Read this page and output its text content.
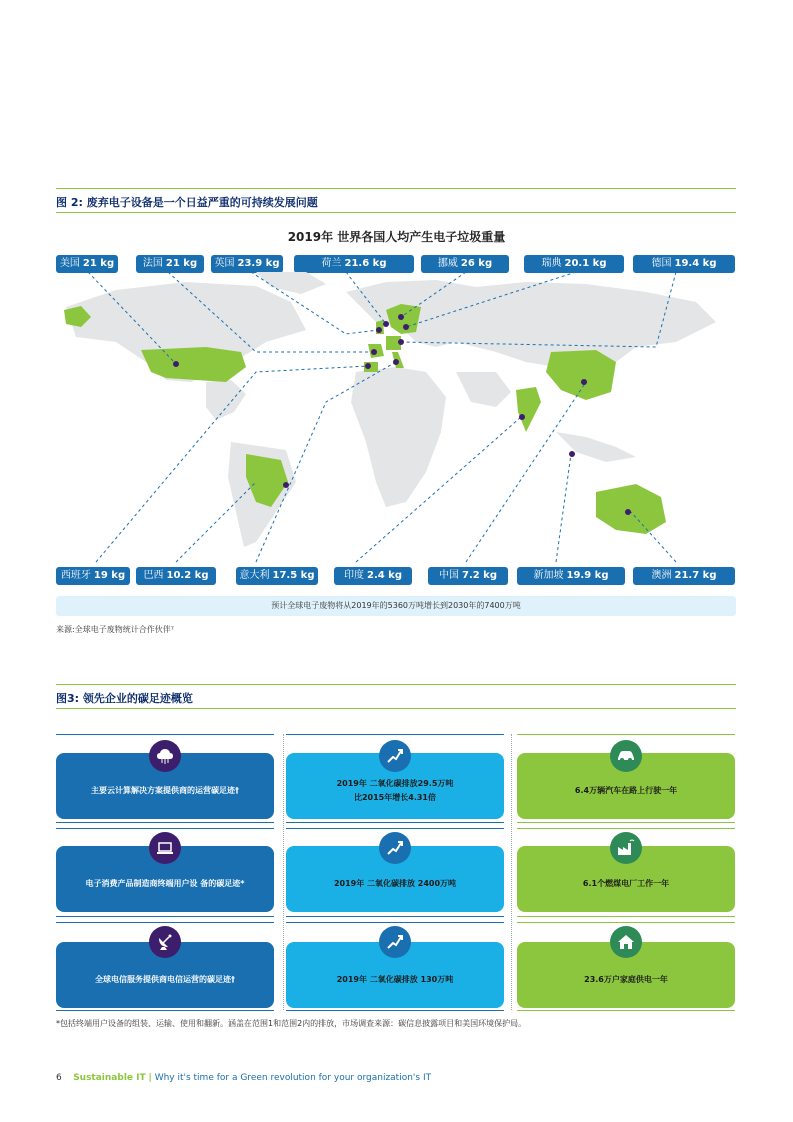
图 2: 废弃电子设备是一个日益严重的可持续发展问题
2019年 世界各国人均产生电子垃圾重量
美国 21 kg	法国 21 kg	英国 23.9 kg	荷兰 21.6 kg	挪威 26 kg	瑞典 20.1 kg	德国 19.4 kg
西班牙 19 kg	巴西 10.2 kg	意大利 17.5 kg	印度 2.4 kg	中国 7.2 kg	新加坡 19.9 kg	澳洲 21.7 kg
预计全球电子废物将从2019年的5360万吨增长到2030年的7400万吨
来源:全球电子废物统计合作伙伴⁷
图3: 领先企业的碳足迹概览
主要云计算解决方案提供商的运营碳足迹†
2019年 二氧化碳排放29.5万吨
比2015年增长4.31倍
6.4万辆汽车在路上行驶一年
电子消费产品制造商终端用户设 备的碳足迹*	2019年 二氧化碳排放 2400万吨	6.1个燃煤电厂工作一年
全球电信服务提供商电信运营的碳足迹†	2019年 二氧化碳排放 130万吨	23.6万户家庭供电一年
*包括终端用户设备的组装、运输、使用和翻新。涵盖在范围1和范围2内的排放，市场调查来源：碳信息披露项目和美国环境保护局。
6 Sustainable IT | Why it's time for a Green revolution for your organization's IT
